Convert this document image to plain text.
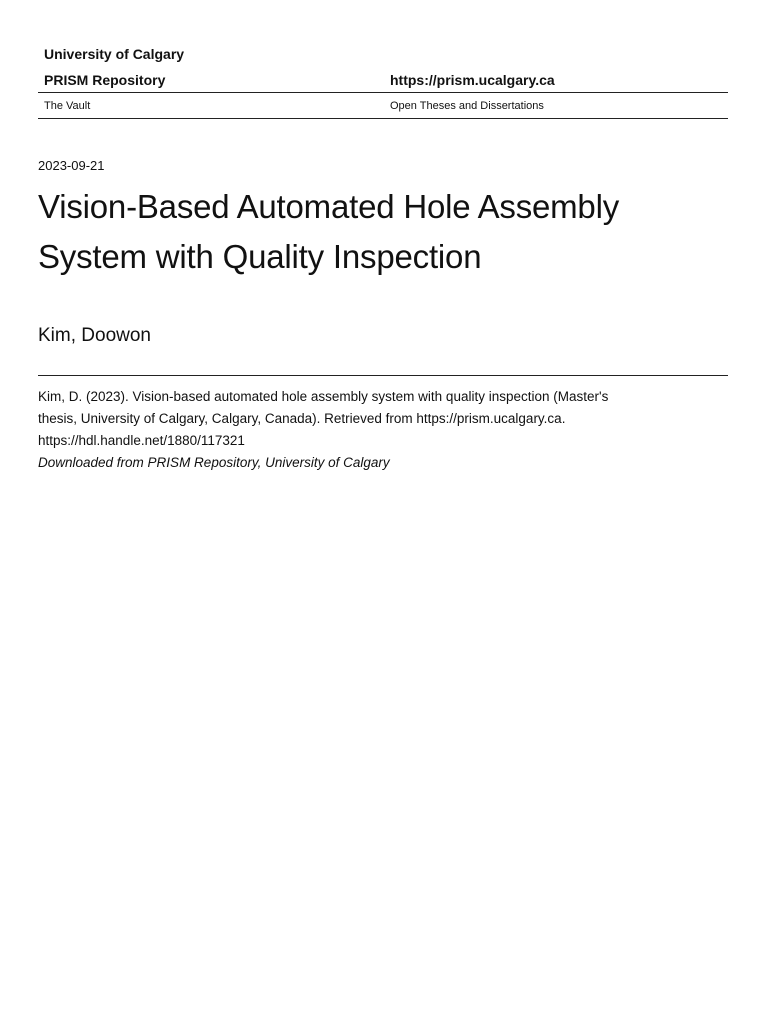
University of Calgary
PRISM Repository	https://prism.ucalgary.ca
The Vault	Open Theses and Dissertations
2023-09-21
Vision-Based Automated Hole Assembly
System with Quality Inspection
Kim, Doowon
Kim, D. (2023). Vision-based automated hole assembly system with quality inspection (Master's
thesis, University of Calgary, Calgary, Canada). Retrieved from https://prism.ucalgary.ca.
https://hdl.handle.net/1880/117321
Downloaded from PRISM Repository, University of Calgary
